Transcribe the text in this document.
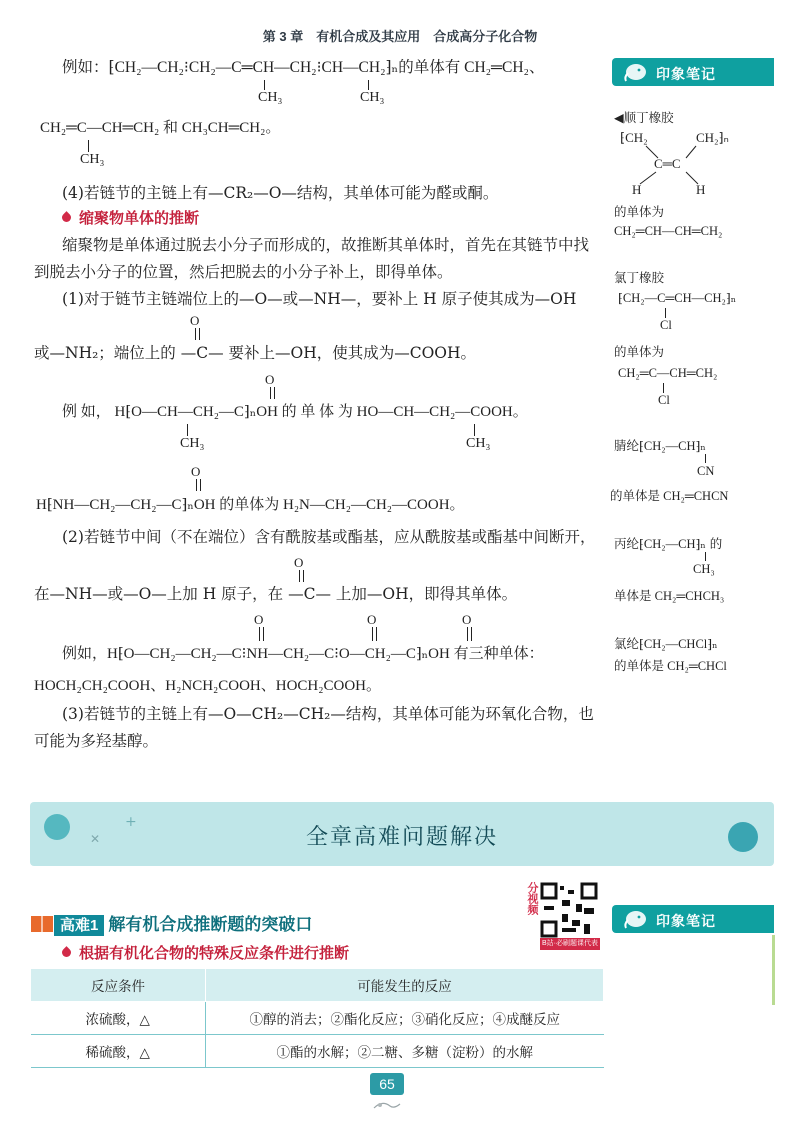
第 3 章　有机合成及其应用　合成高分子化合物
例如：⁅CH₂—CH₂⁝CH₂—C═CH—CH₂⁝CH—CH₂⁆ₙ的单体有 CH₂═CH₂、
CH₃	CH₃
CH₂═C—CH═CH₂ 和 CH₃CH═CH₂。
CH₃
(4)若链节的主链上有—CR₂—O—结构，其单体可能为醛或酮。
缩聚物单体的推断
缩聚物是单体通过脱去小分子而形成的，故推断其单体时，首先在其链节中找
到脱去小分子的位置，然后把脱去的小分子补上，即得单体。
(1)对于链节主链端位上的—O—或—NH—，要补上 H 原子使其成为—OH
O
或—NH₂；端位上的 —C— 要补上—OH，使其成为—COOH。
O
例 如， H⁅O—CH—CH₂—C⁆ₙOH 的 单 体 为 HO—CH—CH₂—COOH。
CH₃	CH₃
O
H⁅NH—CH₂—CH₂—C⁆ₙOH 的单体为 H₂N—CH₂—CH₂—COOH。
(2)若链节中间（不在端位）含有酰胺基或酯基，应从酰胺基或酯基中间断开，
O
在—NH—或—O—上加 H 原子，在 —C— 上加—OH，即得其单体。
O	O	O
例如，H⁅O—CH₂—CH₂—C⁝NH—CH₂—C⁝O—CH₂—C⁆ₙOH 有三种单体：
HOCH₂CH₂COOH、H₂NCH₂COOH、HOCH₂COOH。
(3)若链节的主链上有—O—CH₂—CH₂—结构，其单体可能为环氧化合物，也
可能为多羟基醇。
印象笔记
◀顺丁橡胶
⁅CH₂	CH₂⁆ₙ
C═C
H	H
的单体为
CH₂═CH—CH═CH₂
氯丁橡胶
⁅CH₂—C═CH—CH₂⁆ₙ
Cl
的单体为
CH₂═C—CH═CH₂
Cl
腈纶⁅CH₂—CH⁆ₙ
CN
的单体是 CH₂═CHCN
丙纶⁅CH₂—CH⁆ₙ 的
CH₃
单体是 CH₂═CHCH₃
氯纶⁅CH₂—CHCl⁆ₙ
的单体是 CH₂═CHCl
✕
+
全章高难问题解决
高难1 解有机合成推断题的突破口
根据有机化合物的特殊反应条件进行推断
分视频
B站·必刷题课代表
印象笔记
反应条件	可能发生的反应
浓硫酸，△	①醇的消去；②酯化反应；③硝化反应；④成醚反应
稀硫酸，△	①酯的水解；②二糖、多糖（淀粉）的水解
65
